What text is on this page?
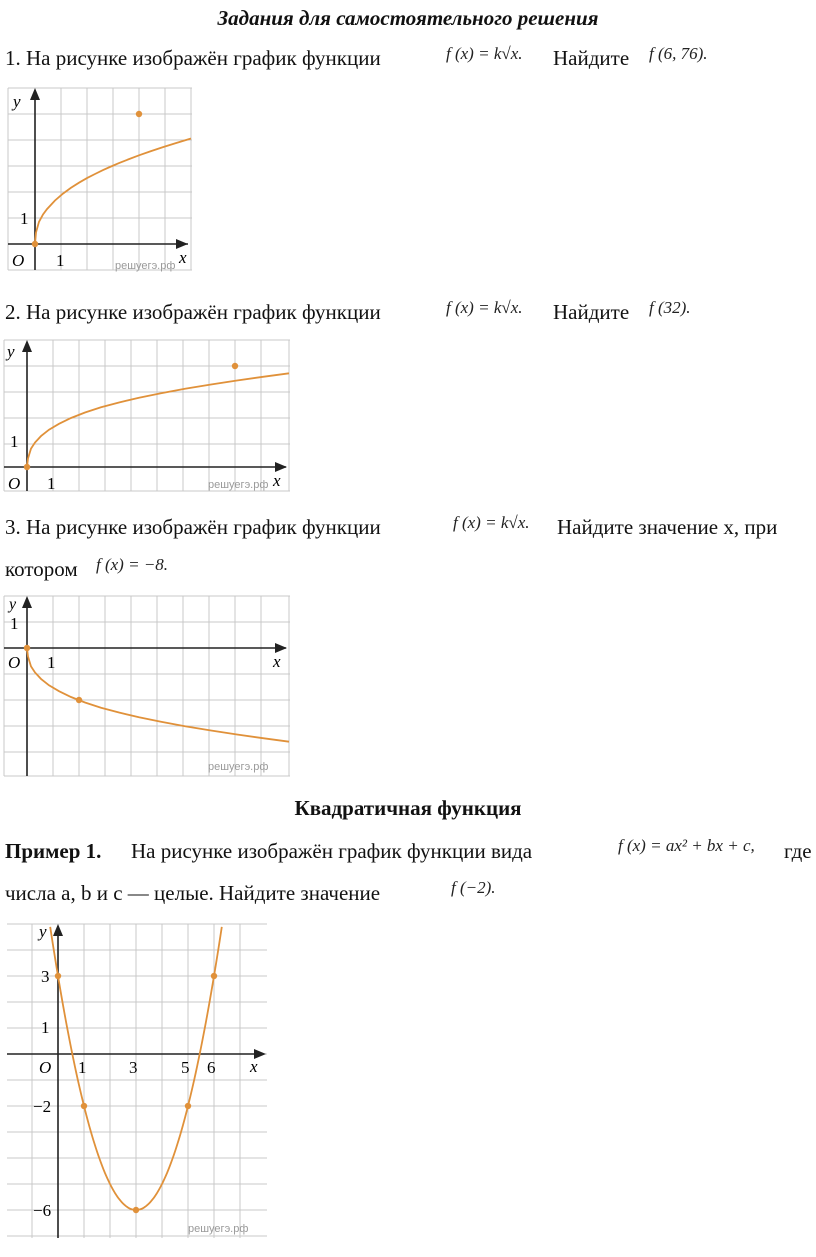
Задания для самостоятельного решения
1. На рисунке изображён график функции	f (x) = k√x. Найдите f (6, 76).
y
x
O 1
1
решуегэ.рф
2. На рисунке изображён график функции	f (x) = k√x. Найдите f (32).
y
x
O 1
1
решуегэ.рф
3. На рисунке изображён график функции	f (x) = k√x. Найдите значение x, при
котором f (x) = −8.
y
x
O 1
1
решуегэ.рф
Квадратичная функция
Пример 1. На рисунке изображён график функции вида	f (x) = ax² + bx + c, где
числа a, b и c — целые. Найдите значение	f (−2).
y
x
O 1	3	5 6
3
1
−2
−6
решуегэ.рф
